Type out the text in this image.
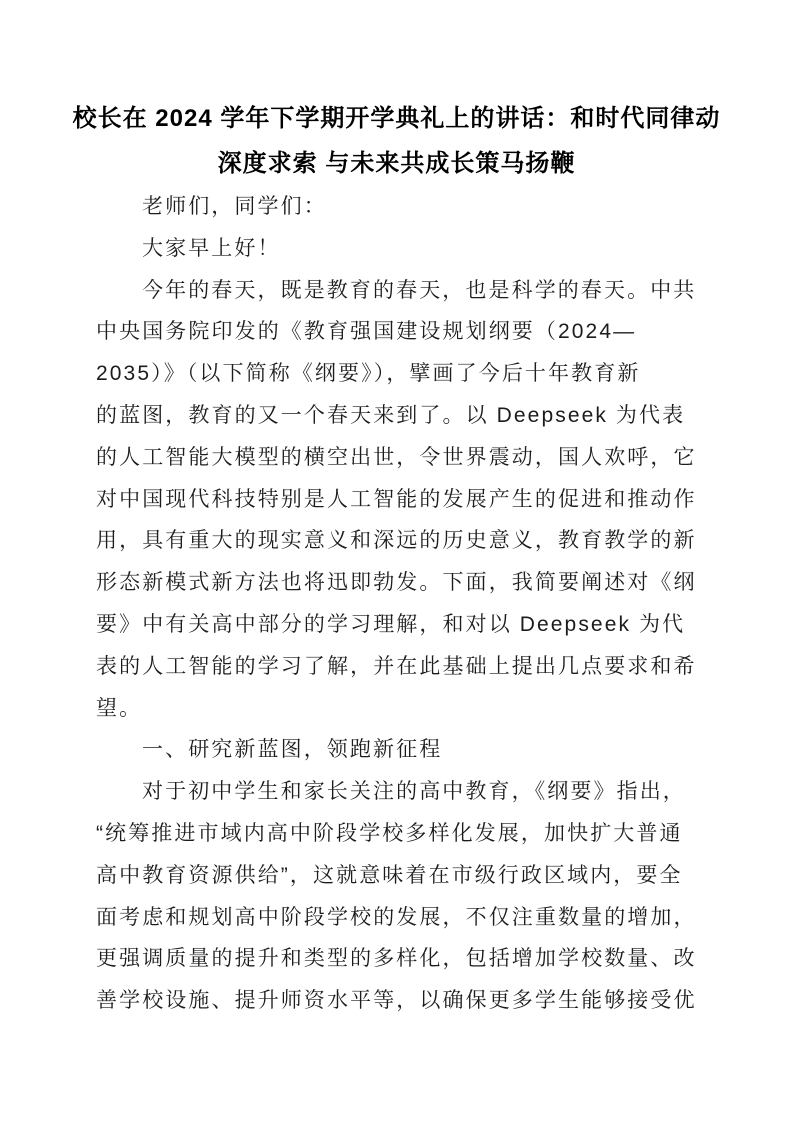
校长在 2024 学年下学期开学典礼上的讲话：和时代同律动
深度求索 与未来共成长策马扬鞭
老师们，同学们：
大家早上好！
今年的春天，既是教育的春天，也是科学的春天。中共
中央国务院印发的《教育强国建设规划纲要（2024—
2035）》（以下简称《纲要》），擘画了今后十年教育新
的蓝图，教育的又一个春天来到了。以 Deepseek 为代表
的人工智能大模型的横空出世，令世界震动，国人欢呼，它
对中国现代科技特别是人工智能的发展产生的促进和推动作
用，具有重大的现实意义和深远的历史意义，教育教学的新
形态新模式新方法也将迅即勃发。下面，我简要阐述对《纲
要》中有关高中部分的学习理解，和对以 Deepseek 为代
表的人工智能的学习了解，并在此基础上提出几点要求和希
望。
一、研究新蓝图，领跑新征程
对于初中学生和家长关注的高中教育，《纲要》指出，
“统筹推进市域内高中阶段学校多样化发展，加快扩大普通
高中教育资源供给”，这就意味着在市级行政区域内，要全
面考虑和规划高中阶段学校的发展，不仅注重数量的增加，
更强调质量的提升和类型的多样化，包括增加学校数量、改
善学校设施、提升师资水平等，以确保更多学生能够接受优
